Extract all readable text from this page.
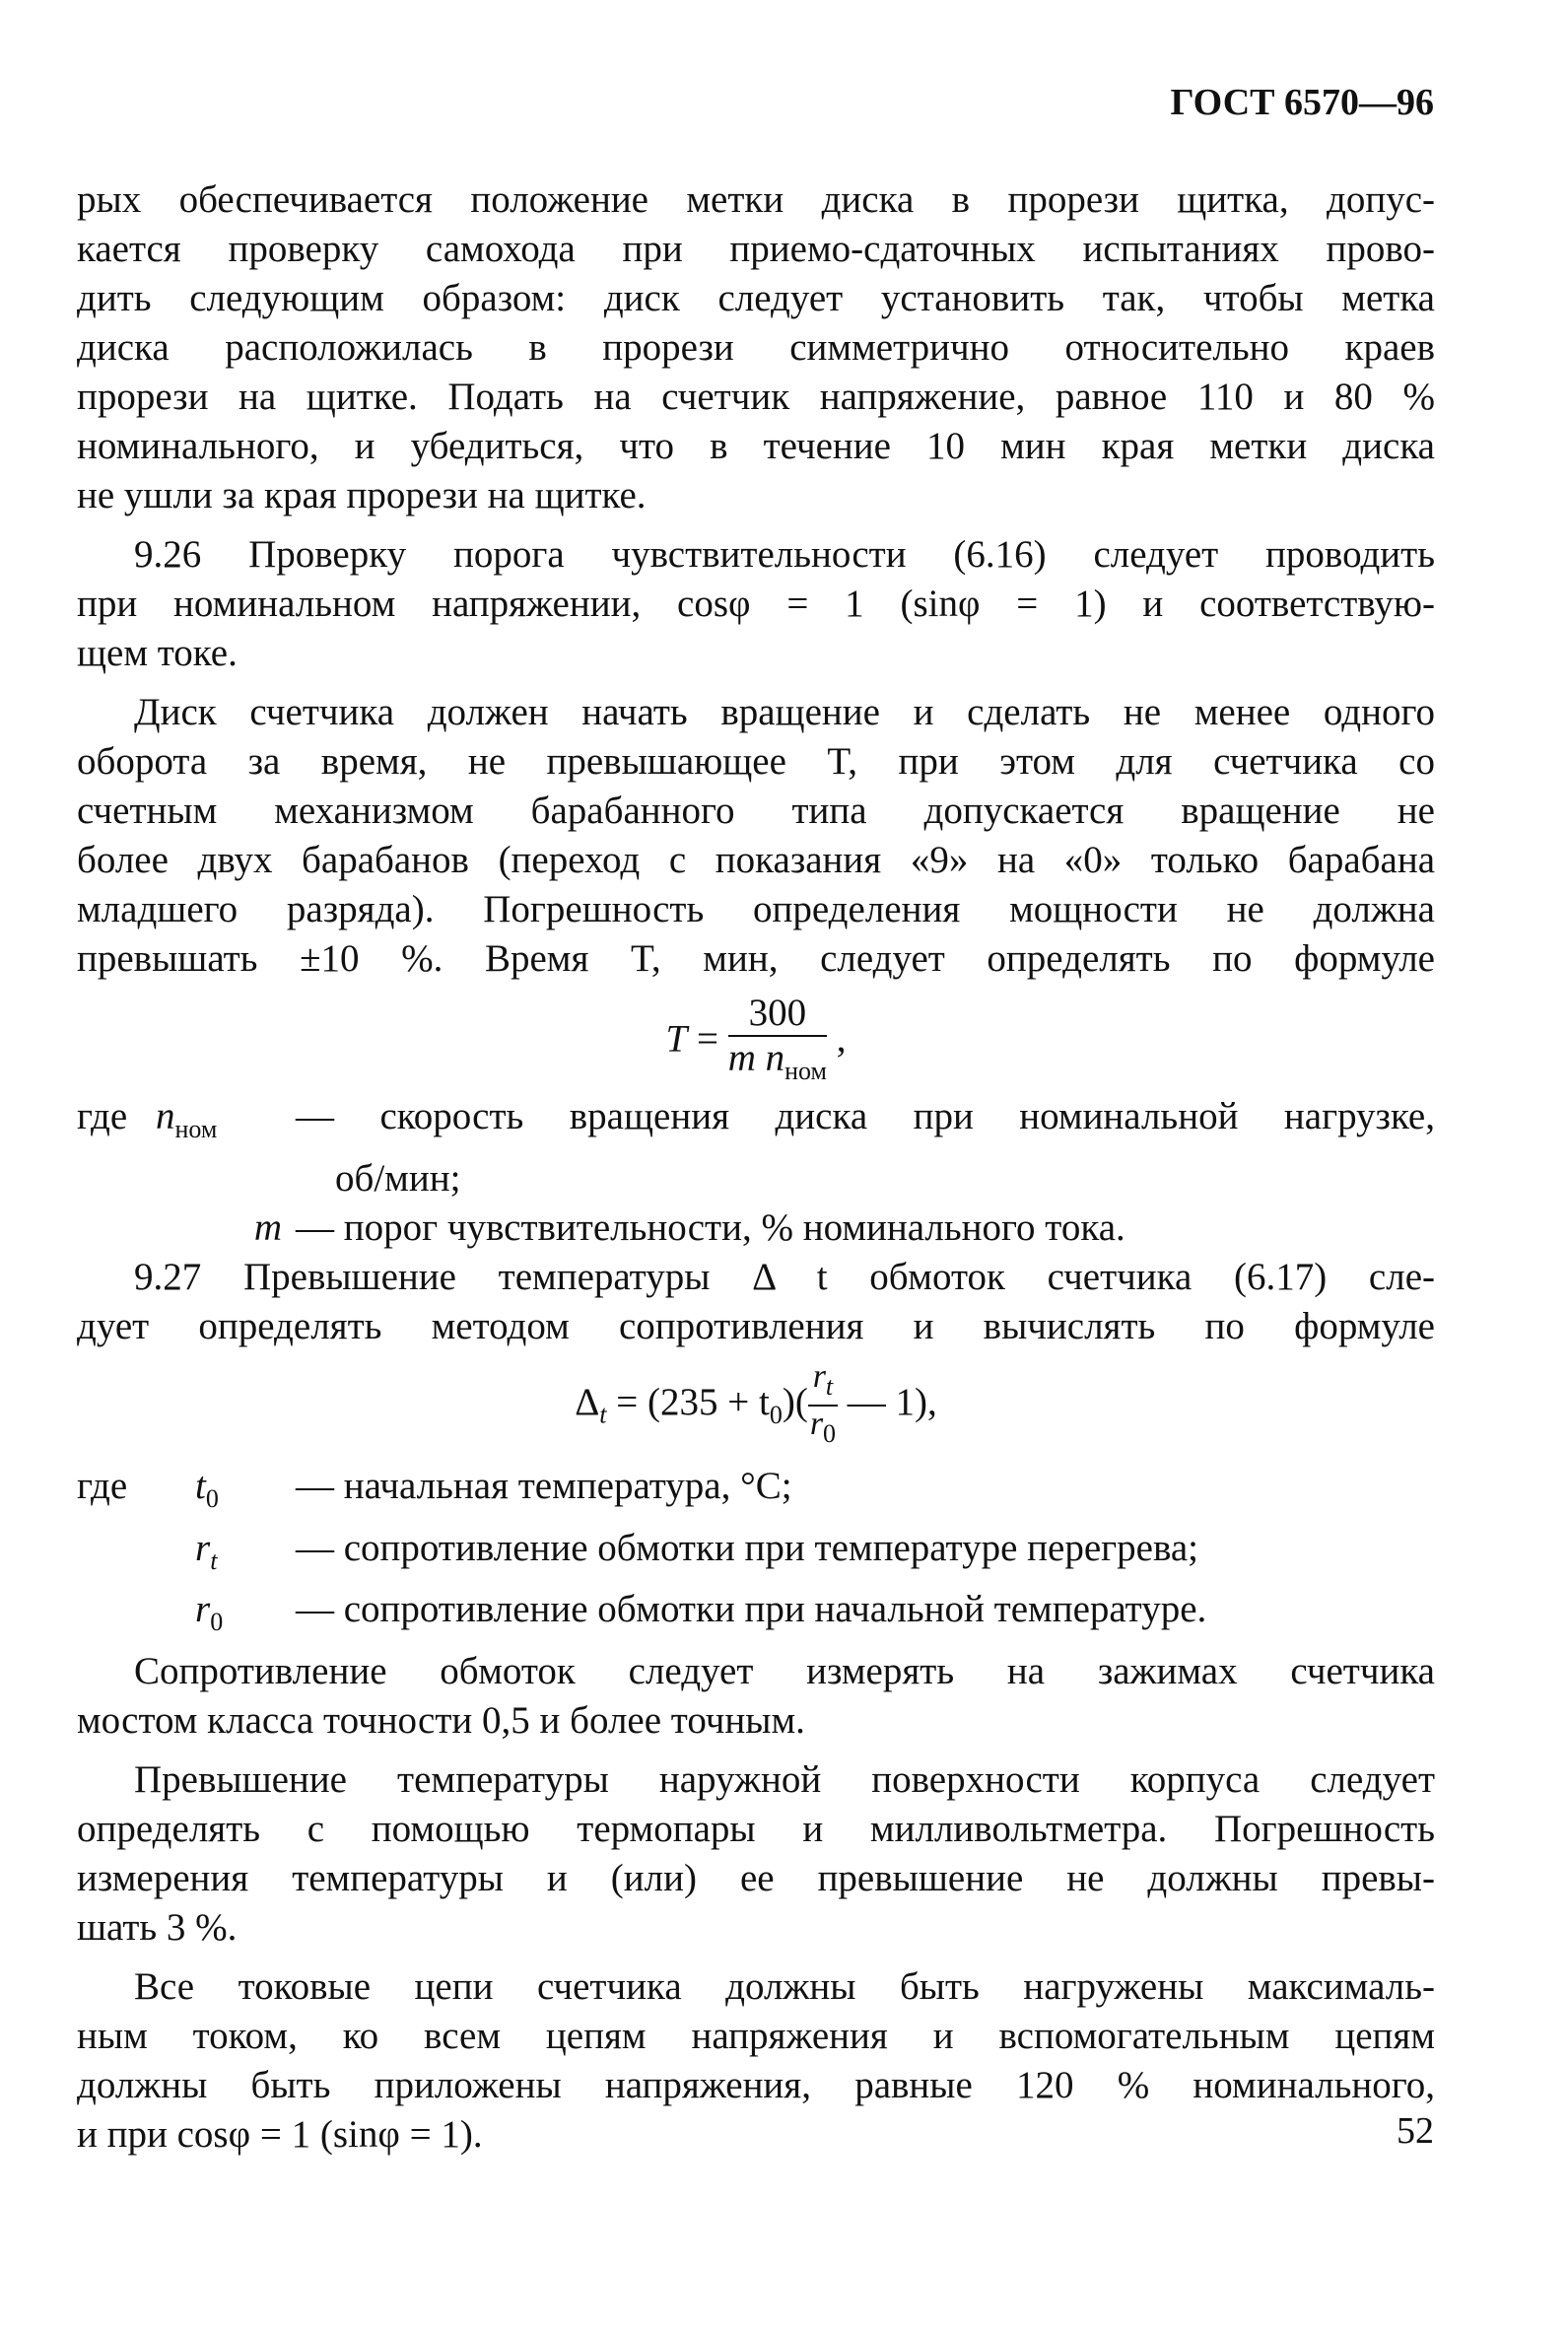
ГОСТ 6570—96

рых обеспечивается положение метки диска в прорези щитка, допус-

кается проверку самохода при приемо-сдаточных испытаниях прово-

дить следующим образом: диск следует установить так, чтобы метка

диска расположилась в прорези симметрично относительно краев

прорези на щитке. Подать на счетчик напряжение, равное 110 и 80 %

номинального, и убедиться, что в течение 10 мин края метки диска

не ушли за края прорези на щитке.

9.26 Проверку порога чувствительности (6.16) следует проводить

при номинальном напряжении, cosφ = 1 (sinφ = 1) и соответствую-

щем токе.

Диск счетчика должен начать вращение и сделать не менее одного

оборота за время, не превышающее T, при этом для счетчика со

счетным механизмом барабанного типа допускается вращение не

более двух барабанов (переход с показания «9» на «0» только барабана

младшего разряда). Погрешность определения мощности не должна

превышать ±10 %. Время T, мин, следует определять по формуле

$T = \frac{300}{m n_{ном}}$ ,
где $n_{ном}$	— скорость вращения диска при номинальной нагрузке,
об/мин;
m — порог чувствительности, % номинального тока.

9.27 Превышение температуры Δ t обмоток счетчика (6.17) сле-

дует определять методом сопротивления и вычислять по формуле

$\Delta_t = (235 + t_0)( \frac{r_t}{r_0}$ — 1),
где	$t_0$	— начальная температура, °С;
$r_t$	— сопротивление обмотки при температуре перегрева;
$r_0$	— сопротивление обмотки при начальной температуре.

Сопротивление обмоток следует измерять на зажимах счетчика

мостом класса точности 0,5 и более точным.

Превышение температуры наружной поверхности корпуса следует

определять с помощью термопары и милливольтметра. Погрешность

измерения температуры и (или) ее превышение не должны превы-

шать 3 %.

Все токовые цепи счетчика должны быть нагружены максималь-

ным током, ко всем цепям напряжения и вспомогательным цепям

должны быть приложены напряжения, равные 120 % номинального,

и при cosφ = 1 (sinφ = 1).	52
